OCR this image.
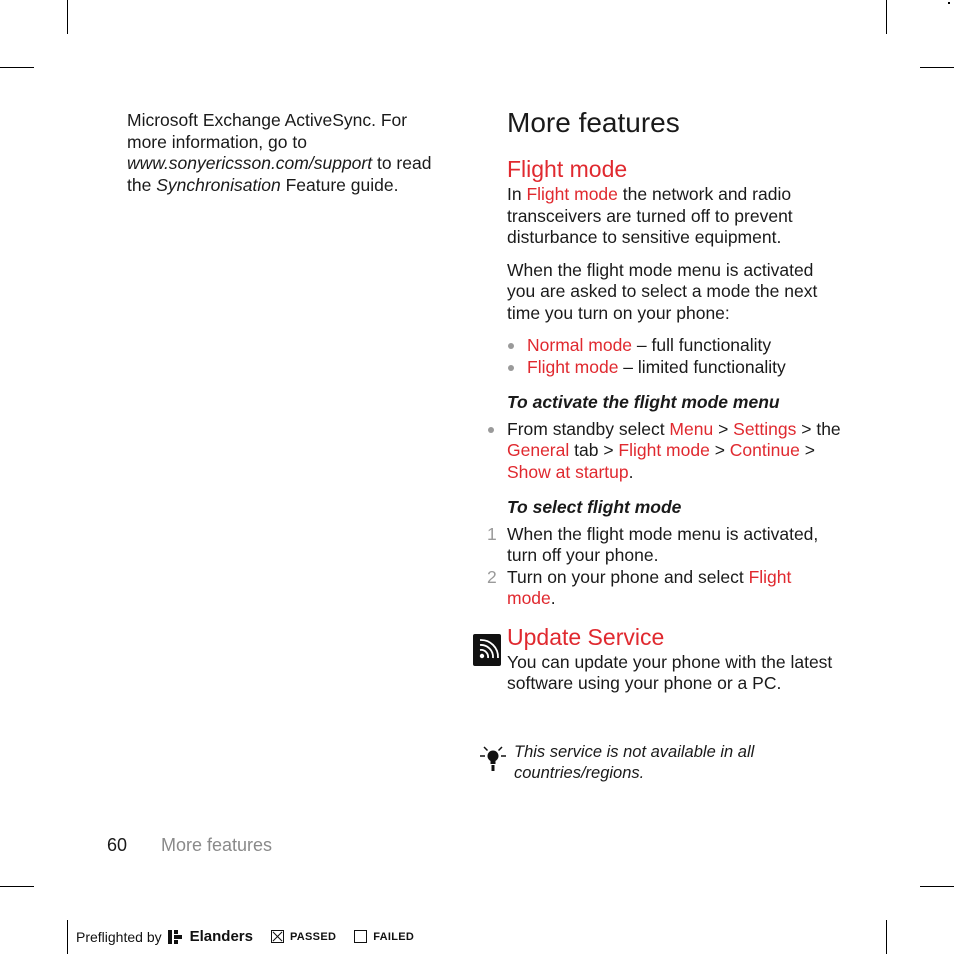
Microsoft Exchange ActiveSync. For more information, go to www.sonyericsson.com/support to read the Synchronisation Feature guide.

More features
Flight mode

In Flight mode the network and radio transceivers are turned off to prevent disturbance to sensitive equipment.

When the flight mode menu is activated you are asked to select a mode the next time you turn on your phone:

Normal mode – full functionality
Flight mode – limited functionality

To activate the flight mode menu

From standby select Menu > Settings > the General tab > Flight mode > Continue > Show at startup.

To select flight mode

1 When the flight mode menu is activated, turn off your phone.

2 Turn on your phone and select Flight mode.

Update Service

You can update your phone with the latest software using your phone or a PC.

This service is not available in all countries/regions.

60 More features
Preflighted by Elanders	PASSED	FAILED
